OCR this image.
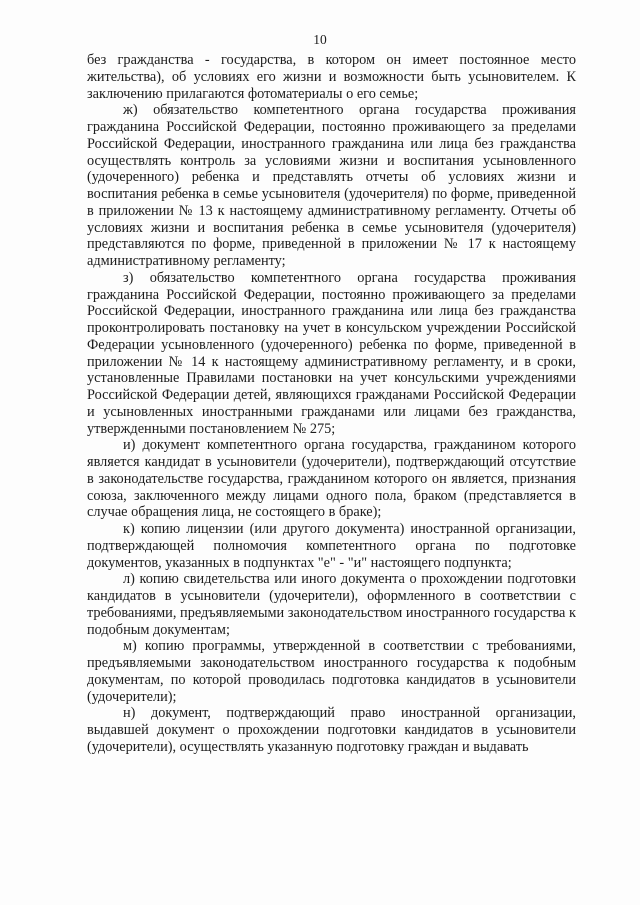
10

без гражданства - государства, в котором он имеет постоянное место жительства), об условиях его жизни и возможности быть усыновителем. К заключению прилагаются фотоматериалы о его семье;

ж) обязательство компетентного органа государства проживания гражданина Российской Федерации, постоянно проживающего за пределами Российской Федерации, иностранного гражданина или лица без гражданства осуществлять контроль за условиями жизни и воспитания усыновленного (удочеренного) ребенка и представлять отчеты об условиях жизни и воспитания ребенка в семье усыновителя (удочерителя) по форме, приведенной в приложении № 13 к настоящему административному регламенту. Отчеты об условиях жизни и воспитания ребенка в семье усыновителя (удочерителя) представляются по форме, приведенной в приложении № 17 к настоящему административному регламенту;

з) обязательство компетентного органа государства проживания гражданина Российской Федерации, постоянно проживающего за пределами Российской Федерации, иностранного гражданина или лица без гражданства проконтролировать постановку на учет в консульском учреждении Российской Федерации усыновленного (удочеренного) ребенка по форме, приведенной в приложении № 14 к настоящему административному регламенту, и в сроки, установленные Правилами постановки на учет консульскими учреждениями Российской Федерации детей, являющихся гражданами Российской Федерации и усыновленных иностранными гражданами или лицами без гражданства, утвержденными постановлением № 275;

и) документ компетентного органа государства, гражданином которого является кандидат в усыновители (удочерители), подтверждающий отсутствие в законодательстве государства, гражданином которого он является, признания союза, заключенного между лицами одного пола, браком (представляется в случае обращения лица, не состоящего в браке);

к) копию лицензии (или другого документа) иностранной организации, подтверждающей полномочия компетентного органа по подготовке документов, указанных в подпунктах "е" - "и" настоящего подпункта;

л) копию свидетельства или иного документа о прохождении подготовки кандидатов в усыновители (удочерители), оформленного в соответствии с требованиями, предъявляемыми законодательством иностранного государства к подобным документам;

м) копию программы, утвержденной в соответствии с требованиями, предъявляемыми законодательством иностранного государства к подобным документам, по которой проводилась подготовка кандидатов в усыновители (удочерители);

н) документ, подтверждающий право иностранной организации, выдавшей документ о прохождении подготовки кандидатов в усыновители (удочерители), осуществлять указанную подготовку граждан и выдавать
